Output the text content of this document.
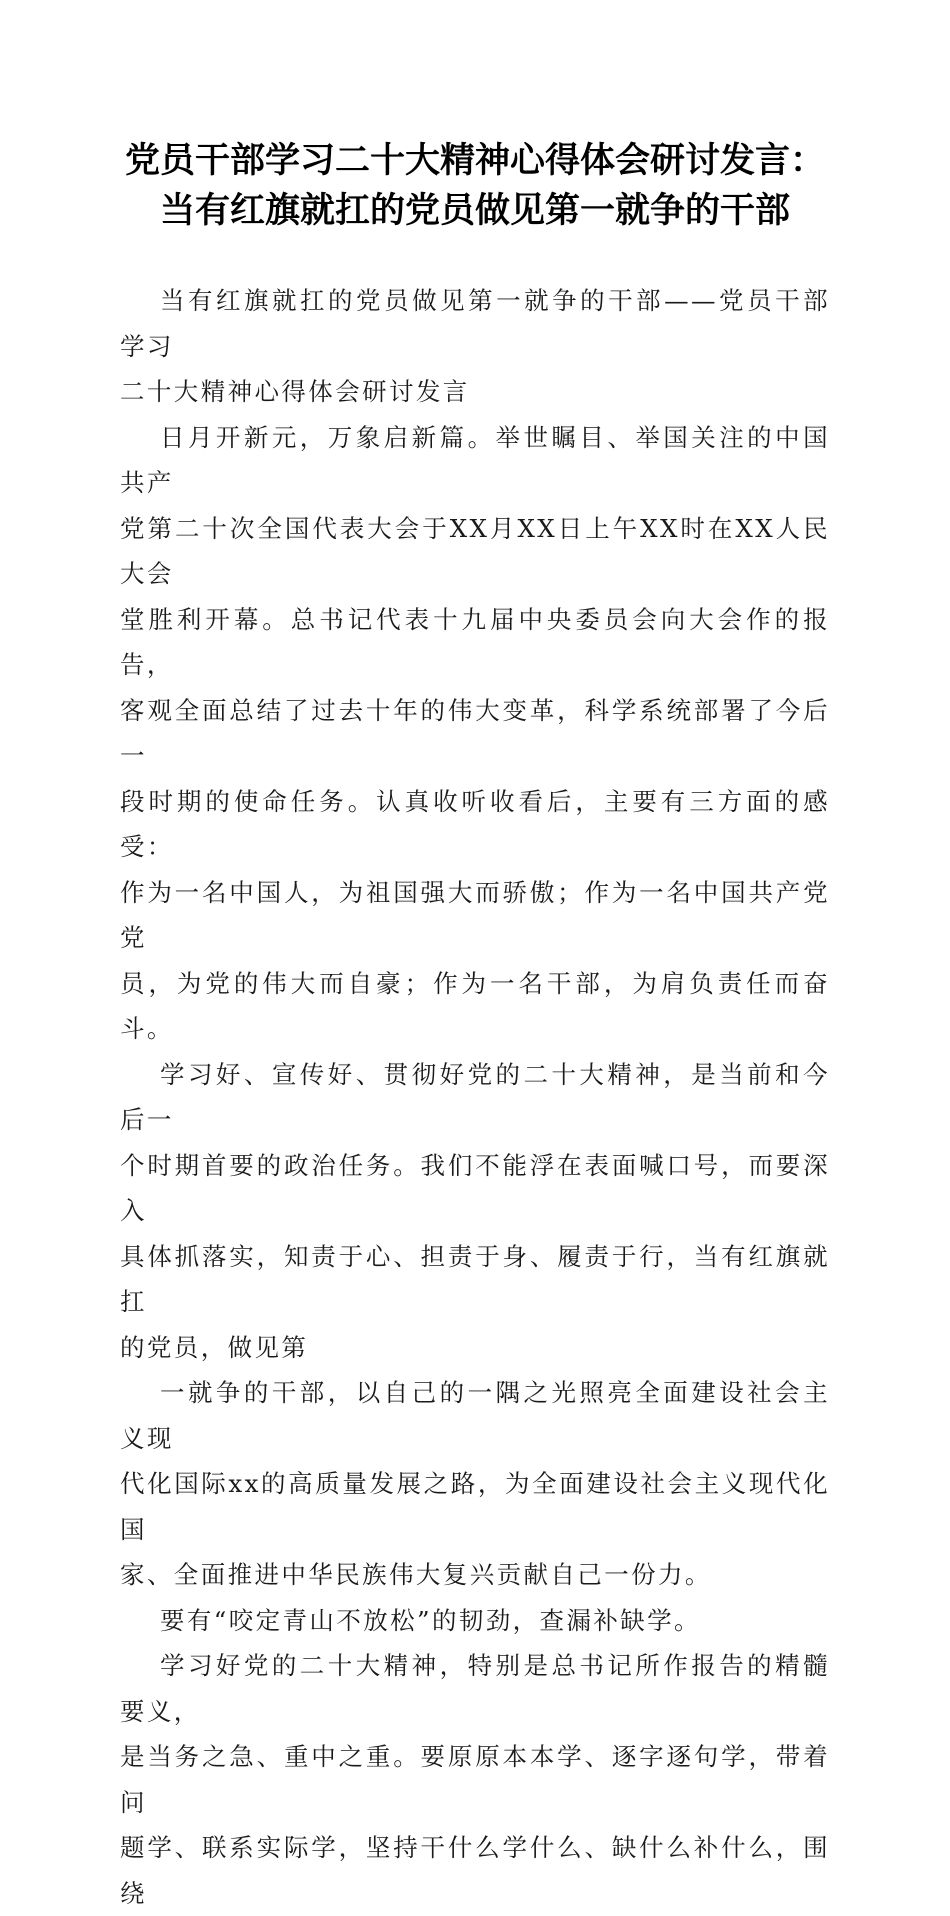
党员干部学习二十大精神心得体会研讨发言：
当有红旗就扛的党员做见第一就争的干部

当有红旗就扛的党员做见第一就争的干部——党员干部学习
二十大精神心得体会研讨发言

日月开新元，万象启新篇。举世瞩目、举国关注的中国共产
党第二十次全国代表大会于XX月XX日上午XX时在XX人民大会
堂胜利开幕。总书记代表十九届中央委员会向大会作的报告，
客观全面总结了过去十年的伟大变革，科学系统部署了今后一
段时期的使命任务。认真收听收看后，主要有三方面的感受：
作为一名中国人，为祖国强大而骄傲；作为一名中国共产党党
员，为党的伟大而自豪；作为一名干部，为肩负责任而奋斗。

学习好、宣传好、贯彻好党的二十大精神，是当前和今后一
个时期首要的政治任务。我们不能浮在表面喊口号，而要深入
具体抓落实，知责于心、担责于身、履责于行，当有红旗就扛
的党员，做见第

一就争的干部，以自己的一隅之光照亮全面建设社会主义现
代化国际xx的高质量发展之路，为全面建设社会主义现代化国
家、全面推进中华民族伟大复兴贡献自己一份力。

要有“咬定青山不放松”的韧劲，查漏补缺学。

学习好党的二十大精神，特别是总书记所作报告的精髓要义，
是当务之急、重中之重。要原原本本学、逐字逐句学，带着问
题学、联系实际学，坚持干什么学什么、缺什么补什么，围绕
